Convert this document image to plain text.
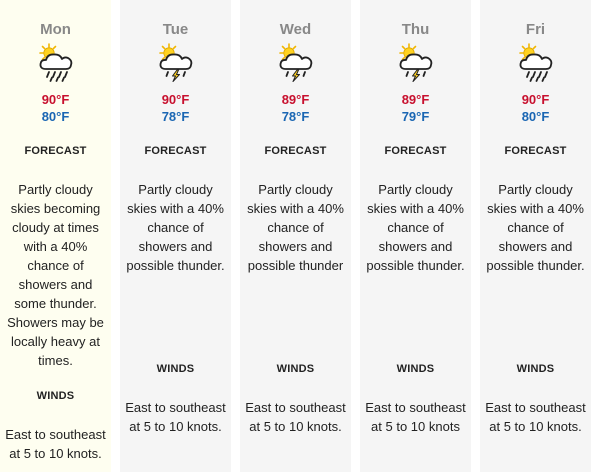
Mon
90°F
80°F
FORECAST
Partly cloudy skies becoming cloudy at times with a 40% chance of showers and some thunder. Showers may be locally heavy at times.
WINDS
East to southeast at 5 to 10 knots.
Tue
90°F
78°F
FORECAST
Partly cloudy skies with a 40% chance of showers and possible thunder.
WINDS
East to southeast at 5 to 10 knots.
Wed
89°F
78°F
FORECAST
Partly cloudy skies with a 40% chance of showers and possible thunder
WINDS
East to southeast at 5 to 10 knots.
Thu
89°F
79°F
FORECAST
Partly cloudy skies with a 40% chance of showers and possible thunder.
WINDS
East to southeast at 5 to 10 knots
Fri
90°F
80°F
FORECAST
Partly cloudy skies with a 40% chance of showers and possible thunder.
WINDS
East to southeast at 5 to 10 knots.
